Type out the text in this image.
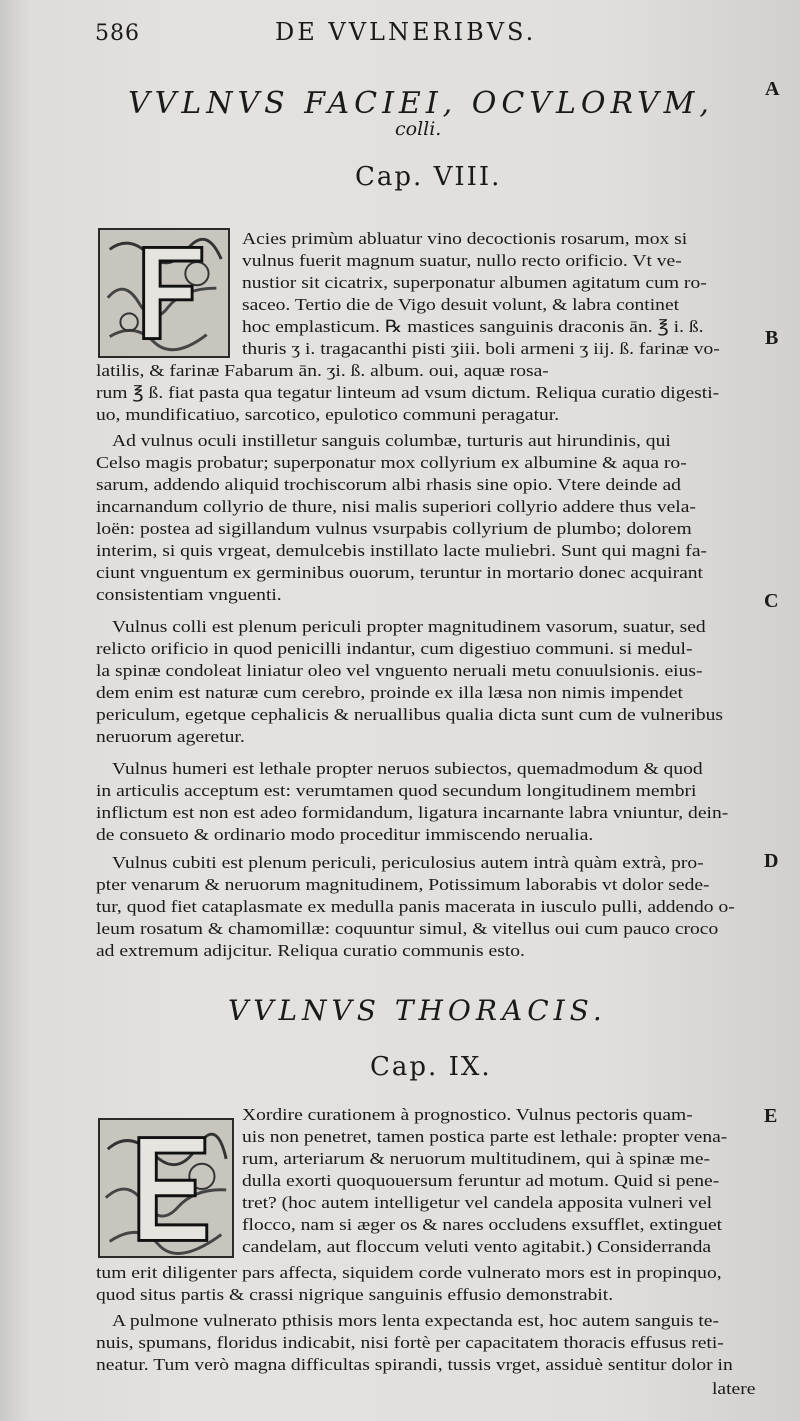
586	DE VVLNERIBVS.
VVLNVS FACIEI, OCVLORVM,
colli.
Cap. VIII.
VVLNVS THORACIS.
Cap. IX.
A
B
C
D
E
Acies primùm abluatur vino decoctionis rosarum, mox si
vulnus fuerit magnum suatur, nullo recto orificio. Vt ve-
nustior sit cicatrix, superponatur albumen agitatum cum ro-
saceo. Tertio die de Vigo desuit volunt, & labra continet
hoc emplasticum. ℞ mastices sanguinis draconis ān. ℥ i. ß.
thuris ʒ i. tragacanthi pisti ʒiii. boli armeni ʒ iij. ß. farinæ vo-
latilis, & farinæ Fabarum ān. ʒi. ß. album. oui, aquæ rosa-
rum ℥ ß. fiat pasta qua tegatur linteum ad vsum dictum. Reliqua curatio digesti-
uo, mundificatiuo, sarcotico, epulotico communi peragatur.
Ad vulnus oculi instilletur sanguis columbæ, turturis aut hirundinis, qui
Celso magis probatur; superponatur mox collyrium ex albumine & aqua ro-
sarum, addendo aliquid trochiscorum albi rhasis sine opio. Vtere deinde ad
incarnandum collyrio de thure, nisi malis superiori collyrio addere thus vela-
loën: postea ad sigillandum vulnus vsurpabis collyrium de plumbo; dolorem
interim, si quis vrgeat, demulcebis instillato lacte muliebri. Sunt qui magni fa-
ciunt vnguentum ex germinibus ouorum, teruntur in mortario donec acquirant
consistentiam vnguenti.
Vulnus colli est plenum periculi propter magnitudinem vasorum, suatur, sed
relicto orificio in quod penicilli indantur, cum digestiuo communi. si medul-
la spinæ condoleat liniatur oleo vel vnguento neruali metu conuulsionis. eius-
dem enim est naturæ cum cerebro, proinde ex illa læsa non nimis impendet
periculum, egetque cephalicis & neruallibus qualia dicta sunt cum de vulneribus
neruorum ageretur.
Vulnus humeri est lethale propter neruos subiectos, quemadmodum & quod
in articulis acceptum est: verumtamen quod secundum longitudinem membri
inflictum est non est adeo formidandum, ligatura incarnante labra vniuntur, dein-
de consueto & ordinario modo proceditur immiscendo nerualia.
Vulnus cubiti est plenum periculi, periculosius autem intrà quàm extrà, pro-
pter venarum & neruorum magnitudinem, Potissimum laborabis vt dolor sede-
tur, quod fiet cataplasmate ex medulla panis macerata in iusculo pulli, addendo o-
leum rosatum & chamomillæ: coquuntur simul, & vitellus oui cum pauco croco
ad extremum adijcitur. Reliqua curatio communis esto.
Xordire curationem à prognostico. Vulnus pectoris quam-
uis non penetret, tamen postica parte est lethale: propter vena-
rum, arteriarum & neruorum multitudinem, qui à spinæ me-
dulla exorti quoquouersum feruntur ad motum. Quid si pene-
tret? (hoc autem intelligetur vel candela apposita vulneri vel
flocco, nam si æger os & nares occludens exsufflet, extinguet
candelam, aut floccum veluti vento agitabit.) Considerranda
tum erit diligenter pars affecta, siquidem corde vulnerato mors est in propinquo,
quod situs partis & crassi nigrique sanguinis effusio demonstrabit.
A pulmone vulnerato pthisis mors lenta expectanda est, hoc autem sanguis te-
nuis, spumans, floridus indicabit, nisi fortè per capacitatem thoracis effusus reti-
neatur. Tum verò magna difficultas spirandi, tussis vrget, assiduè sentitur dolor in
latere
